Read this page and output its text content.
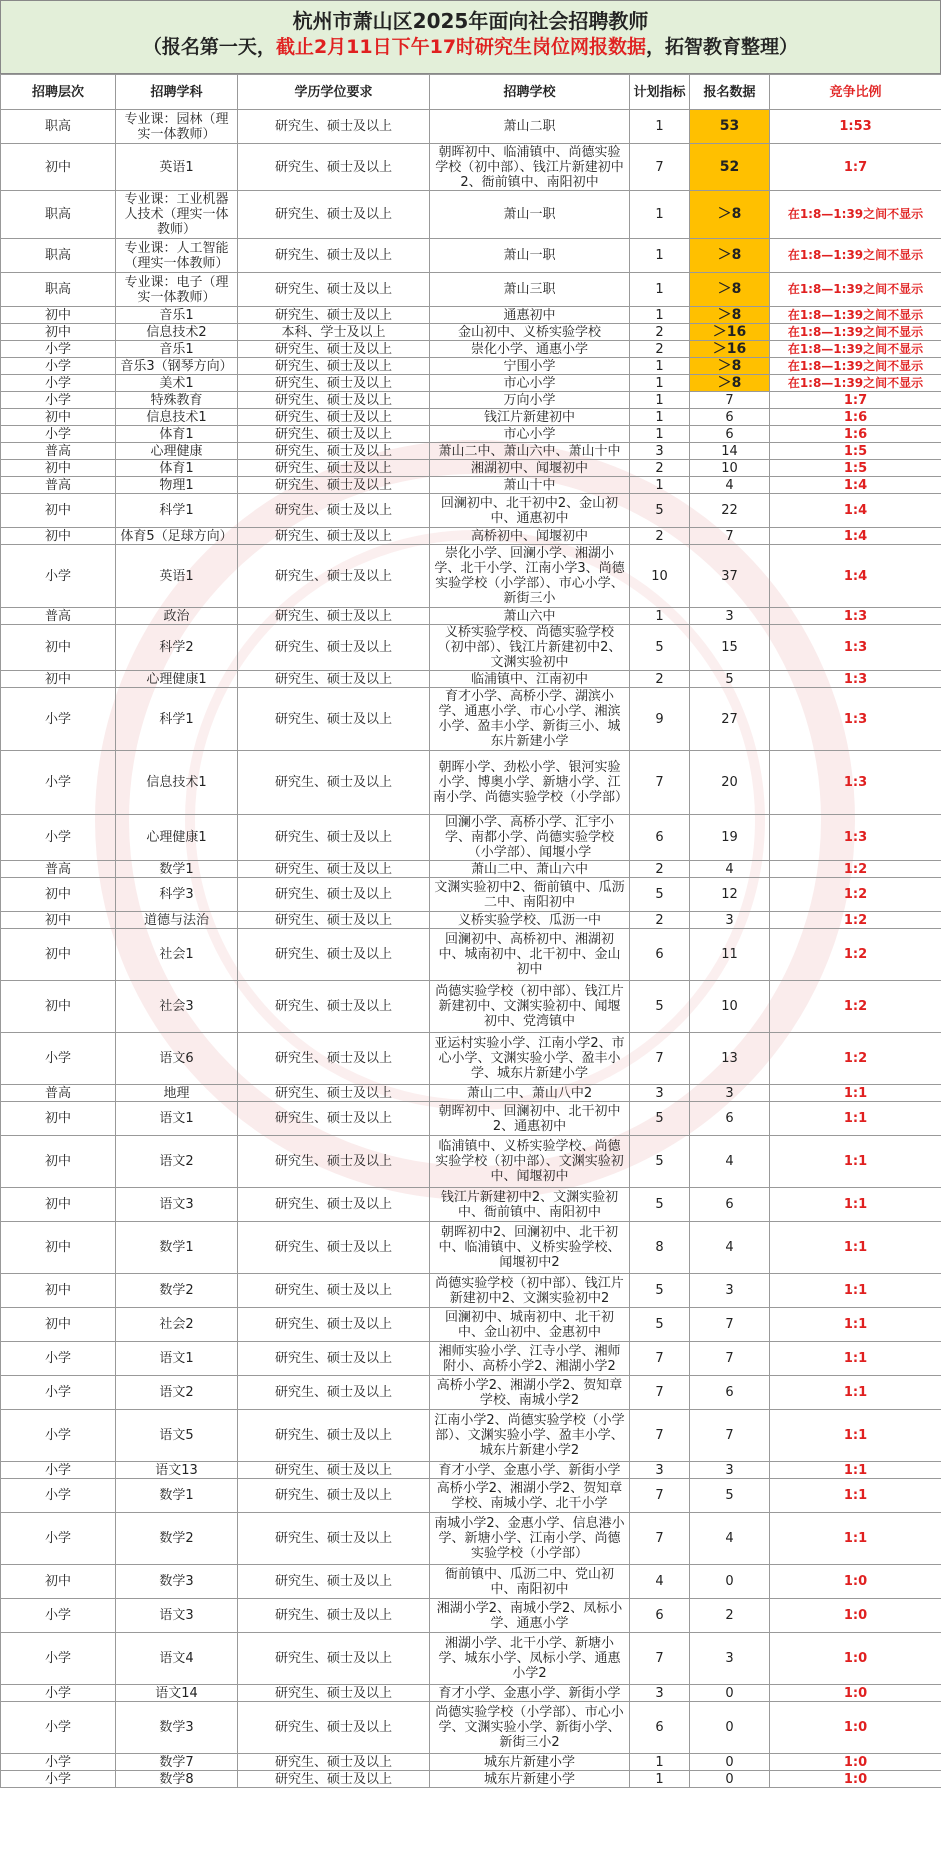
杭州市萧山区2025年面向社会招聘教师
（报名第一天，截止2月11日下午17时研究生岗位网报数据，拓智教育整理）
招聘层次	招聘学科	学历学位要求	招聘学校	计划指标	报名数据	竞争比例
职高	专业课：园林（理实一体教师）	研究生、硕士及以上	萧山二职	1	53	1:53
初中	英语1	研究生、硕士及以上	朝晖初中、临浦镇中、尚德实验学校（初中部）、钱江片新建初中2、衙前镇中、南阳初中	7	52	1:7
职高	专业课：工业机器人技术（理实一体教师）	研究生、硕士及以上	萧山一职	1	＞8	在1:8—1:39之间不显示
职高	专业课：人工智能（理实一体教师）	研究生、硕士及以上	萧山一职	1	＞8	在1:8—1:39之间不显示
职高	专业课：电子（理实一体教师）	研究生、硕士及以上	萧山三职	1	＞8	在1:8—1:39之间不显示
初中	音乐1	研究生、硕士及以上	通惠初中	1	＞8	在1:8—1:39之间不显示
初中	信息技术2	本科、学士及以上	金山初中、义桥实验学校	2	＞16	在1:8—1:39之间不显示
小学	音乐1	研究生、硕士及以上	崇化小学、通惠小学	2	＞16	在1:8—1:39之间不显示
小学	音乐3（钢琴方向）	研究生、硕士及以上	宁围小学	1	＞8	在1:8—1:39之间不显示
小学	美术1	研究生、硕士及以上	市心小学	1	＞8	在1:8—1:39之间不显示
小学	特殊教育	研究生、硕士及以上	万向小学	1	7	1:7
初中	信息技术1	研究生、硕士及以上	钱江片新建初中	1	6	1:6
小学	体育1	研究生、硕士及以上	市心小学	1	6	1:6
普高	心理健康	研究生、硕士及以上	萧山二中、萧山六中、萧山十中	3	14	1:5
初中	体育1	研究生、硕士及以上	湘湖初中、闻堰初中	2	10	1:5
普高	物理1	研究生、硕士及以上	萧山十中	1	4	1:4
初中	科学1	研究生、硕士及以上	回澜初中、北干初中2、金山初中、通惠初中	5	22	1:4
初中	体育5（足球方向）	研究生、硕士及以上	高桥初中、闻堰初中	2	7	1:4
小学	英语1	研究生、硕士及以上	崇化小学、回澜小学、湘湖小学、北干小学、江南小学3、尚德实验学校（小学部）、市心小学、新街三小	10	37	1:4
普高	政治	研究生、硕士及以上	萧山六中	1	3	1:3
初中	科学2	研究生、硕士及以上	义桥实验学校、尚德实验学校（初中部）、钱江片新建初中2、文渊实验初中	5	15	1:3
初中	心理健康1	研究生、硕士及以上	临浦镇中、江南初中	2	5	1:3
小学	科学1	研究生、硕士及以上	育才小学、高桥小学、湖滨小学、通惠小学、市心小学、湘滨小学、盈丰小学、新街三小、城东片新建小学	9	27	1:3
小学	信息技术1	研究生、硕士及以上	朝晖小学、劲松小学、银河实验小学、博奥小学、新塘小学、江南小学、尚德实验学校（小学部）	7	20	1:3
小学	心理健康1	研究生、硕士及以上	回澜小学、高桥小学、汇宇小学、南都小学、尚德实验学校（小学部）、闻堰小学	6	19	1:3
普高	数学1	研究生、硕士及以上	萧山二中、萧山六中	2	4	1:2
初中	科学3	研究生、硕士及以上	文渊实验初中2、衙前镇中、瓜沥二中、南阳初中	5	12	1:2
初中	道德与法治	研究生、硕士及以上	义桥实验学校、瓜沥一中	2	3	1:2
初中	社会1	研究生、硕士及以上	回澜初中、高桥初中、湘湖初中、城南初中、北干初中、金山初中	6	11	1:2
初中	社会3	研究生、硕士及以上	尚德实验学校（初中部）、钱江片新建初中、文渊实验初中、闻堰初中、党湾镇中	5	10	1:2
小学	语文6	研究生、硕士及以上	亚运村实验小学、江南小学2、市心小学、文渊实验小学、盈丰小学、城东片新建小学	7	13	1:2
普高	地理	研究生、硕士及以上	萧山二中、萧山八中2	3	3	1:1
初中	语文1	研究生、硕士及以上	朝晖初中、回澜初中、北干初中2、通惠初中	5	6	1:1
初中	语文2	研究生、硕士及以上	临浦镇中、义桥实验学校、尚德实验学校（初中部）、文渊实验初中、闻堰初中	5	4	1:1
初中	语文3	研究生、硕士及以上	钱江片新建初中2、文渊实验初中、衙前镇中、南阳初中	5	6	1:1
初中	数学1	研究生、硕士及以上	朝晖初中2、回澜初中、北干初中、临浦镇中、义桥实验学校、闻堰初中2	8	4	1:1
初中	数学2	研究生、硕士及以上	尚德实验学校（初中部）、钱江片新建初中2、文渊实验初中2	5	3	1:1
初中	社会2	研究生、硕士及以上	回澜初中、城南初中、北干初中、金山初中、金惠初中	5	7	1:1
小学	语文1	研究生、硕士及以上	湘师实验小学、江寺小学、湘师附小、高桥小学2、湘湖小学2	7	7	1:1
小学	语文2	研究生、硕士及以上	高桥小学2、湘湖小学2、贺知章学校、南城小学2	7	6	1:1
小学	语文5	研究生、硕士及以上	江南小学2、尚德实验学校（小学部）、文渊实验小学、盈丰小学、城东片新建小学2	7	7	1:1
小学	语文13	研究生、硕士及以上	育才小学、金惠小学、新街小学	3	3	1:1
小学	数学1	研究生、硕士及以上	高桥小学2、湘湖小学2、贺知章学校、南城小学、北干小学	7	5	1:1
小学	数学2	研究生、硕士及以上	南城小学2、金惠小学、信息港小学、新塘小学、江南小学、尚德实验学校（小学部）	7	4	1:1
初中	数学3	研究生、硕士及以上	衙前镇中、瓜沥二中、党山初中、南阳初中	4	0	1:0
小学	语文3	研究生、硕士及以上	湘湖小学2、南城小学2、凤标小学、通惠小学	6	2	1:0
小学	语文4	研究生、硕士及以上	湘湖小学、北干小学、新塘小学、城东小学、凤标小学、通惠小学2	7	3	1:0
小学	语文14	研究生、硕士及以上	育才小学、金惠小学、新街小学	3	0	1:0
小学	数学3	研究生、硕士及以上	尚德实验学校（小学部）、市心小学、文渊实验小学、新街小学、新街三小2	6	0	1:0
小学	数学7	研究生、硕士及以上	城东片新建小学	1	0	1:0
小学	数学8	研究生、硕士及以上	城东片新建小学	1	0	1:0
